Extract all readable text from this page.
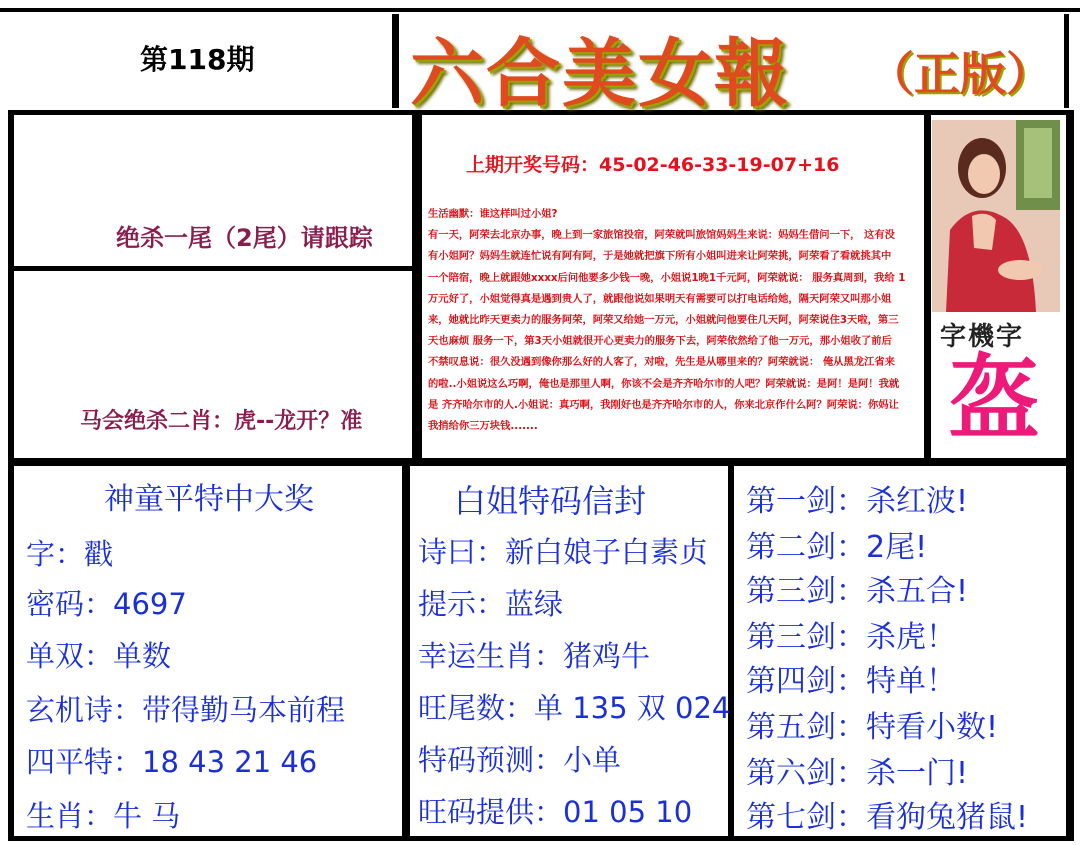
第118期 六合美女報 （正版）
绝杀一尾（2尾）请跟踪
马会绝杀二肖：虎--龙开？准
上期开奖号码：45-02-46-33-19-07+16
生活幽默：谁这样叫过小姐?
有一天，阿荣去北京办事，晚上到一家旅馆投宿，阿荣就叫旅馆妈妈生来说：妈妈生借问一下， 这有没
有小姐阿？妈妈生就连忙说有阿有阿，于是她就把旗下所有小姐叫进来让阿荣挑，阿荣看了看就挑其中
一个陪宿，晚上就跟她xxxx后问他要多少钱一晚，小姐说1晚1千元阿，阿荣就说： 服务真周到，我给 1
万元好了，小姐觉得真是遇到贵人了，就跟他说如果明天有需要可以打电话给她，隔天阿荣又叫那小姐
来，她就比昨天更卖力的服务阿荣，阿荣又给她一万元，小姐就问他要住几天阿，阿荣说住3天啦，第三
天也麻烦 服务一下，第3天小姐就很开心更卖力的服务下去，阿荣依然给了他一万元，那小姐收了前后
不禁叹息说：很久没遇到像你那么好的人客了，对啦，先生是从哪里来的？阿荣就说： 俺从黑龙江省来
的啦..小姐说这么巧啊，俺也是那里人啊，你该不会是齐齐哈尔市的人吧？阿荣就说：是阿！是阿！我就
是 齐齐哈尔市的人.小姐说：真巧啊，我刚好也是齐齐哈尔市的人，你来北京作什么阿？阿荣说：你妈让
我捎给你三万块钱.......
字機字
盔
神童平特中大奖
字：戳
密码：4697
单双：单数
玄机诗：带得勤马本前程
四平特：18 43 21 46
生肖：牛 马
白姐特码信封
诗曰：新白娘子白素贞
提示：蓝绿
幸运生肖：猪鸡牛
旺尾数：单 135 双 024
特码预测：小单
旺码提供：01 05 10
第一剑：杀红波!
第二剑：2尾!
第三剑：杀五合!
第三剑：杀虎！
第四剑：特单！
第五剑：特看小数!
第六剑：杀一门!
第七剑：看狗兔猪鼠!
